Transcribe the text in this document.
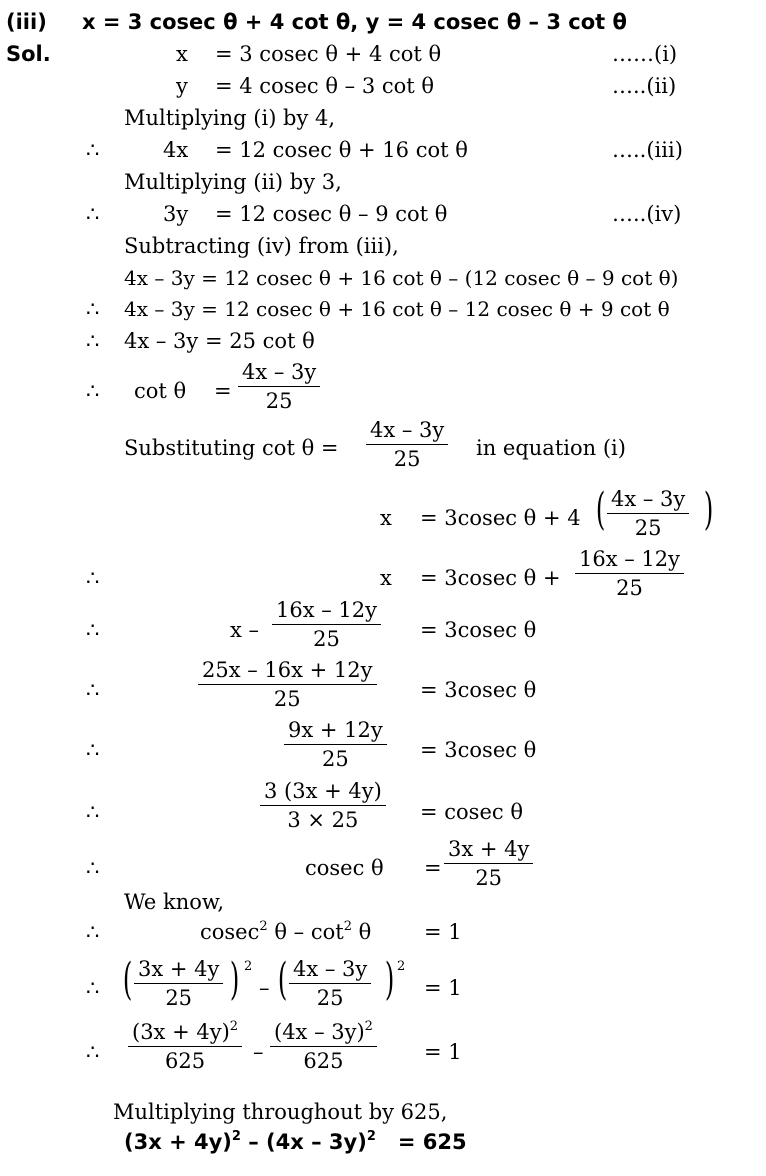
(iii) x = 3 cosec θ + 4 cot θ, y = 4 cosec θ – 3 cot θ
Sol.	x = 3 cosec θ + 4 cot θ	……(i)
y = 4 cosec θ – 3 cot θ	…..(ii)
Multiplying (i) by 4,
∴	4x = 12 cosec θ + 16 cot θ	…..(iii)
Multiplying (ii) by 3,
∴	3y = 12 cosec θ – 9 cot θ	…..(iv)
Subtracting (iv) from (iii),
4x – 3y = 12 cosec θ + 16 cot θ – (12 cosec θ – 9 cot θ)
∴ 4x – 3y = 12 cosec θ + 16 cot θ – 12 cosec θ + 9 cot θ
∴ 4x – 3y = 25 cot θ
∴ $\cot \theta = \frac{4x - 3y}{25}$
Substituting $\cot \theta = \frac{4x - 3y}{25}$ in equation (i)
x = 3cosec θ + 4 ( $\frac{4x - 3y}{25}$ )
∴	x = 3cosec $\theta + \frac{16x - 12y}{25}$
∴	$x - \frac{16x - 12y}{25} = 3cosec$ θ
∴	$\frac{25x - 16x + 12y}{25} = 3cosec$ θ
∴	$\frac{9x + 12y}{25} = 3cosec$ θ
∴	$\frac{3 (3x + 4y)}{3 \times 25} = cosec$ θ
∴	cosec $\theta = \frac{3x + 4y}{25}$
We know,
∴	cosec$^2$ θ – $\cot^2 \theta$	= 1
∴ ( $\frac{3x + 4y}{25}$ ) 2
– ( $\frac{4x - 3y}{25}$ ) 2
= 1
∴ $\frac{(3x + 4y)^2}{625} - \frac{(4x - 3y)^2}{625} = 1$
Multiplying throughout by 625,
$(3x + 4y)^2 - (4x - 3y)^2 = 625$
